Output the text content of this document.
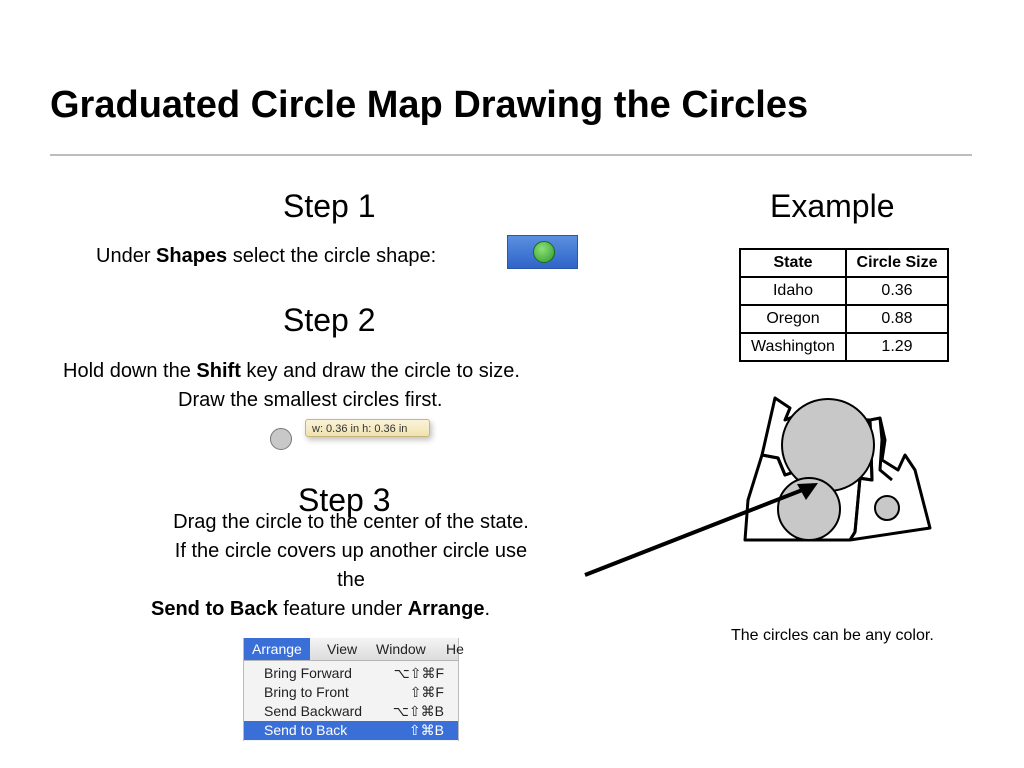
Graduated Circle Map Drawing the Circles
Step 1
Under Shapes select the circle shape:
Step 2
Hold down the Shift key and draw the circle to size.
Draw the smallest circles first.
w: 0.36 in h: 0.36 in
Step 3
Drag the circle to the center of the state.
If the circle covers up another circle use
the
Send to Back feature under Arrange.
Arrange	View	Window	He
Bring Forward	⌥⇧⌘F
Bring to Front	⇧⌘F
Send Backward ⌥⇧⌘B
Send to Back	⇧⌘B
Example
State	Circle Size
Idaho	0.36
Oregon	0.88
Washington	1.29
The circles can be any color.
